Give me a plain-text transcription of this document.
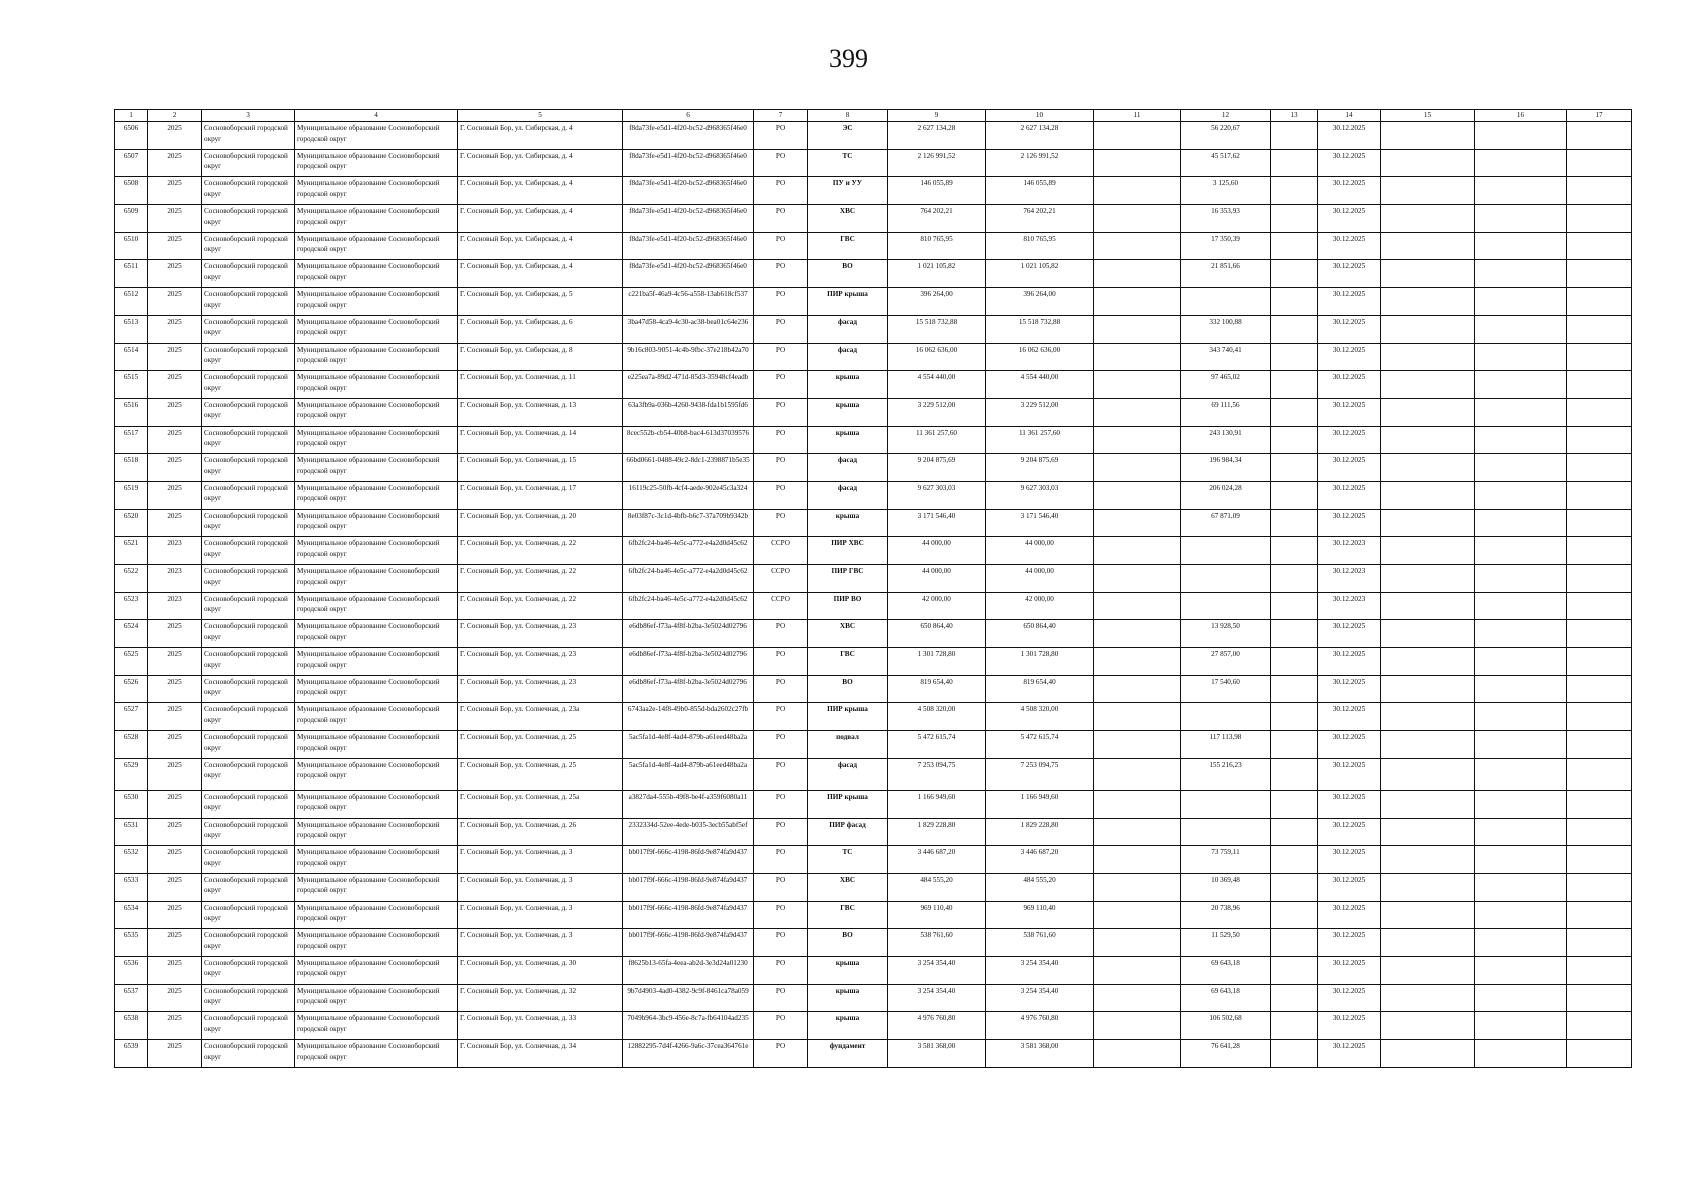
399
1	2	3	4	5	6	7	8	9	10	11	12	13	14	15	16	17
6506	2025	Сосновоборский городской округ	Муниципальное образование Сосновоборский городской округ	Г. Сосновый Бор, ул. Сибирская, д. 4	f8da73fe-e5d1-4f20-bc52-d968365f46e0	РО	ЭС	2 627 134,28	2 627 134,28		56 220,67		30.12.2025			
6507	2025	Сосновоборский городской округ	Муниципальное образование Сосновоборский городской округ	Г. Сосновый Бор, ул. Сибирская, д. 4	f8da73fe-e5d1-4f20-bc52-d968365f46e0	РО	ТС	2 126 991,52	2 126 991,52		45 517,62		30.12.2025			
6508	2025	Сосновоборский городской округ	Муниципальное образование Сосновоборский городской округ	Г. Сосновый Бор, ул. Сибирская, д. 4	f8da73fe-e5d1-4f20-bc52-d968365f46e0	РО	ПУ и УУ	146 055,89	146 055,89		3 125,60		30.12.2025			
6509	2025	Сосновоборский городской округ	Муниципальное образование Сосновоборский городской округ	Г. Сосновый Бор, ул. Сибирская, д. 4	f8da73fe-e5d1-4f20-bc52-d968365f46e0	РО	ХВС	764 202,21	764 202,21		16 353,93		30.12.2025			
6510	2025	Сосновоборский городской округ	Муниципальное образование Сосновоборский городской округ	Г. Сосновый Бор, ул. Сибирская, д. 4	f8da73fe-e5d1-4f20-bc52-d968365f46e0	РО	ГВС	810 765,95	810 765,95		17 350,39		30.12.2025			
6511	2025	Сосновоборский городской округ	Муниципальное образование Сосновоборский городской округ	Г. Сосновый Бор, ул. Сибирская, д. 4	f8da73fe-e5d1-4f20-bc52-d968365f46e0	РО	ВО	1 021 105,82	1 021 105,82		21 851,66		30.12.2025			
6512	2025	Сосновоборский городской округ	Муниципальное образование Сосновоборский городской округ	Г. Сосновый Бор, ул. Сибирская, д. 5	c221ba5f-46a9-4c56-a558-13ab618cf537	РО	ПИР крыша	396 264,00	396 264,00				30.12.2025			
6513	2025	Сосновоборский городской округ	Муниципальное образование Сосновоборский городской округ	Г. Сосновый Бор, ул. Сибирская, д. 6	3ba47d58-4ca9-4c30-ac38-bea01c64e236	РО	фасад	15 518 732,88	15 518 732,88		332 100,88		30.12.2025			
6514	2025	Сосновоборский городской округ	Муниципальное образование Сосновоборский городской округ	Г. Сосновый Бор, ул. Сибирская, д. 8	9b16c803-9051-4c4b-9fbc-37e218b42a70	РО	фасад	16 062 636,00	16 062 636,00		343 740,41		30.12.2025			
6515	2025	Сосновоборский городской округ	Муниципальное образование Сосновоборский городской округ	Г. Сосновый Бор, ул. Солнечная, д. 11	e225ea7a-89d2-471d-85d3-35948cf4eadb	РО	крыша	4 554 440,00	4 554 440,00		97 465,02		30.12.2025			
6516	2025	Сосновоборский городской округ	Муниципальное образование Сосновоборский городской округ	Г. Сосновый Бор, ул. Солнечная, д. 13	63a3fb9a-036b-4260-9438-fda1b1595fd6	РО	крыша	3 229 512,00	3 229 512,00		69 111,56		30.12.2025			
6517	2025	Сосновоборский городской округ	Муниципальное образование Сосновоборский городской округ	Г. Сосновый Бор, ул. Солнечная, д. 14	8cec552b-cb54-40b8-bac4-613d37039576	РО	крыша	11 361 257,60	11 361 257,60		243 130,91		30.12.2025			
6518	2025	Сосновоборский городской округ	Муниципальное образование Сосновоборский городской округ	Г. Сосновый Бор, ул. Солнечная, д. 15	66bd0661-0488-49c2-8dc1-2398871b5e35	РО	фасад	9 204 875,69	9 204 875,69		196 984,34		30.12.2025			
6519	2025	Сосновоборский городской округ	Муниципальное образование Сосновоборский городской округ	Г. Сосновый Бор, ул. Солнечная, д. 17	16119c25-50fb-4cf4-aede-902e45c3a324	РО	фасад	9 627 303,03	9 627 303,03		206 024,28		30.12.2025			
6520	2025	Сосновоборский городской округ	Муниципальное образование Сосновоборский городской округ	Г. Сосновый Бор, ул. Солнечная, д. 20	8e03f87c-3c1d-4bfb-b6c7-37a709b9342b	РО	крыша	3 171 546,40	3 171 546,40		67 871,09		30.12.2025			
6521	2023	Сосновоборский городской округ	Муниципальное образование Сосновоборский городской округ	Г. Сосновый Бор, ул. Солнечная, д. 22	6fb2fc24-ba46-4e5c-a772-e4a2d0d45c62	ССРО	ПИР ХВС	44 000,00	44 000,00				30.12.2023			
6522	2023	Сосновоборский городской округ	Муниципальное образование Сосновоборский городской округ	Г. Сосновый Бор, ул. Солнечная, д. 22	6fb2fc24-ba46-4e5c-a772-e4a2d0d45c62	ССРО	ПИР ГВС	44 000,00	44 000,00				30.12.2023			
6523	2023	Сосновоборский городской округ	Муниципальное образование Сосновоборский городской округ	Г. Сосновый Бор, ул. Солнечная, д. 22	6fb2fc24-ba46-4e5c-a772-e4a2d0d45c62	ССРО	ПИР ВО	42 000,00	42 000,00				30.12.2023			
6524	2025	Сосновоборский городской округ	Муниципальное образование Сосновоборский городской округ	Г. Сосновый Бор, ул. Солнечная, д. 23	e6db86ef-f73a-4f8f-b2ba-3e5024d02796	РО	ХВС	650 864,40	650 864,40		13 928,50		30.12.2025			
6525	2025	Сосновоборский городской округ	Муниципальное образование Сосновоборский городской округ	Г. Сосновый Бор, ул. Солнечная, д. 23	e6db86ef-f73a-4f8f-b2ba-3e5024d02796	РО	ГВС	1 301 728,80	1 301 728,80		27 857,00		30.12.2025			
6526	2025	Сосновоборский городской округ	Муниципальное образование Сосновоборский городской округ	Г. Сосновый Бор, ул. Солнечная, д. 23	e6db86ef-f73a-4f8f-b2ba-3e5024d02796	РО	ВО	819 654,40	819 654,40		17 540,60		30.12.2025			
6527	2025	Сосновоборский городской округ	Муниципальное образование Сосновоборский городской округ	Г. Сосновый Бор, ул. Солнечная, д. 23а	6743aa2e-14f8-49b0-855d-bda2602c27fb	РО	ПИР крыша	4 508 320,00	4 508 320,00				30.12.2025			
6528	2025	Сосновоборский городской округ	Муниципальное образование Сосновоборский городской округ	Г. Сосновый Бор, ул. Солнечная, д. 25	5ac5fa1d-4e8f-4ad4-879b-a61eed48ba2a	РО	подвал	5 472 615,74	5 472 615,74		117 113,98		30.12.2025			
6529	2025	Сосновоборский городской округ	Муниципальное образование Сосновоборский городской округ	Г. Сосновый Бор, ул. Солнечная, д. 25	5ac5fa1d-4e8f-4ad4-879b-a61eed48ba2a	РО	фасад	7 253 094,75	7 253 094,75		155 216,23		30.12.2025			
6530	2025	Сосновоборский городской округ	Муниципальное образование Сосновоборский городской округ	Г. Сосновый Бор, ул. Солнечная, д. 25а	a3827da4-555b-49f8-be4f-a359f6080a11	РО	ПИР крыша	1 166 949,60	1 166 949,60				30.12.2025			
6531	2025	Сосновоборский городской округ	Муниципальное образование Сосновоборский городской округ	Г. Сосновый Бор, ул. Солнечная, д. 26	2332334d-52ee-4ede-b035-3ecb55abf5ef	РО	ПИР фасад	1 829 228,80	1 829 228,80				30.12.2025			
6532	2025	Сосновоборский городской округ	Муниципальное образование Сосновоборский городской округ	Г. Сосновый Бор, ул. Солнечная, д. 3	bb017f9f-666c-4198-86fd-9e874fa9d437	РО	ТС	3 446 687,20	3 446 687,20		73 759,11		30.12.2025			
6533	2025	Сосновоборский городской округ	Муниципальное образование Сосновоборский городской округ	Г. Сосновый Бор, ул. Солнечная, д. 3	bb017f9f-666c-4198-86fd-9e874fa9d437	РО	ХВС	484 555,20	484 555,20		10 369,48		30.12.2025			
6534	2025	Сосновоборский городской округ	Муниципальное образование Сосновоборский городской округ	Г. Сосновый Бор, ул. Солнечная, д. 3	bb017f9f-666c-4198-86fd-9e874fa9d437	РО	ГВС	969 110,40	969 110,40		20 738,96		30.12.2025			
6535	2025	Сосновоборский городской округ	Муниципальное образование Сосновоборский городской округ	Г. Сосновый Бор, ул. Солнечная, д. 3	bb017f9f-666c-4198-86fd-9e874fa9d437	РО	ВО	538 761,60	538 761,60		11 529,50		30.12.2025			
6536	2025	Сосновоборский городской округ	Муниципальное образование Сосновоборский городской округ	Г. Сосновый Бор, ул. Солнечная, д. 30	f8625b13-65fa-4eea-ab2d-3e3d24a01230	РО	крыша	3 254 354,40	3 254 354,40		69 643,18		30.12.2025			
6537	2025	Сосновоборский городской округ	Муниципальное образование Сосновоборский городской округ	Г. Сосновый Бор, ул. Солнечная, д. 32	9b7d4903-4ad0-4382-9c9f-8461ca78a059	РО	крыша	3 254 354,40	3 254 354,40		69 643,18		30.12.2025			
6538	2025	Сосновоборский городской округ	Муниципальное образование Сосновоборский городской округ	Г. Сосновый Бор, ул. Солнечная, д. 33	7049b964-3bc9-456e-8c7a-fb64104ad235	РО	крыша	4 976 760,80	4 976 760,80		106 502,68		30.12.2025			
6539	2025	Сосновоборский городской округ	Муниципальное образование Сосновоборский городской округ	Г. Сосновый Бор, ул. Солнечная, д. 34	12882295-7d4f-4266-9a6c-37cea364761e	РО	фундамент	3 581 368,00	3 581 368,00		76 641,28		30.12.2025			
